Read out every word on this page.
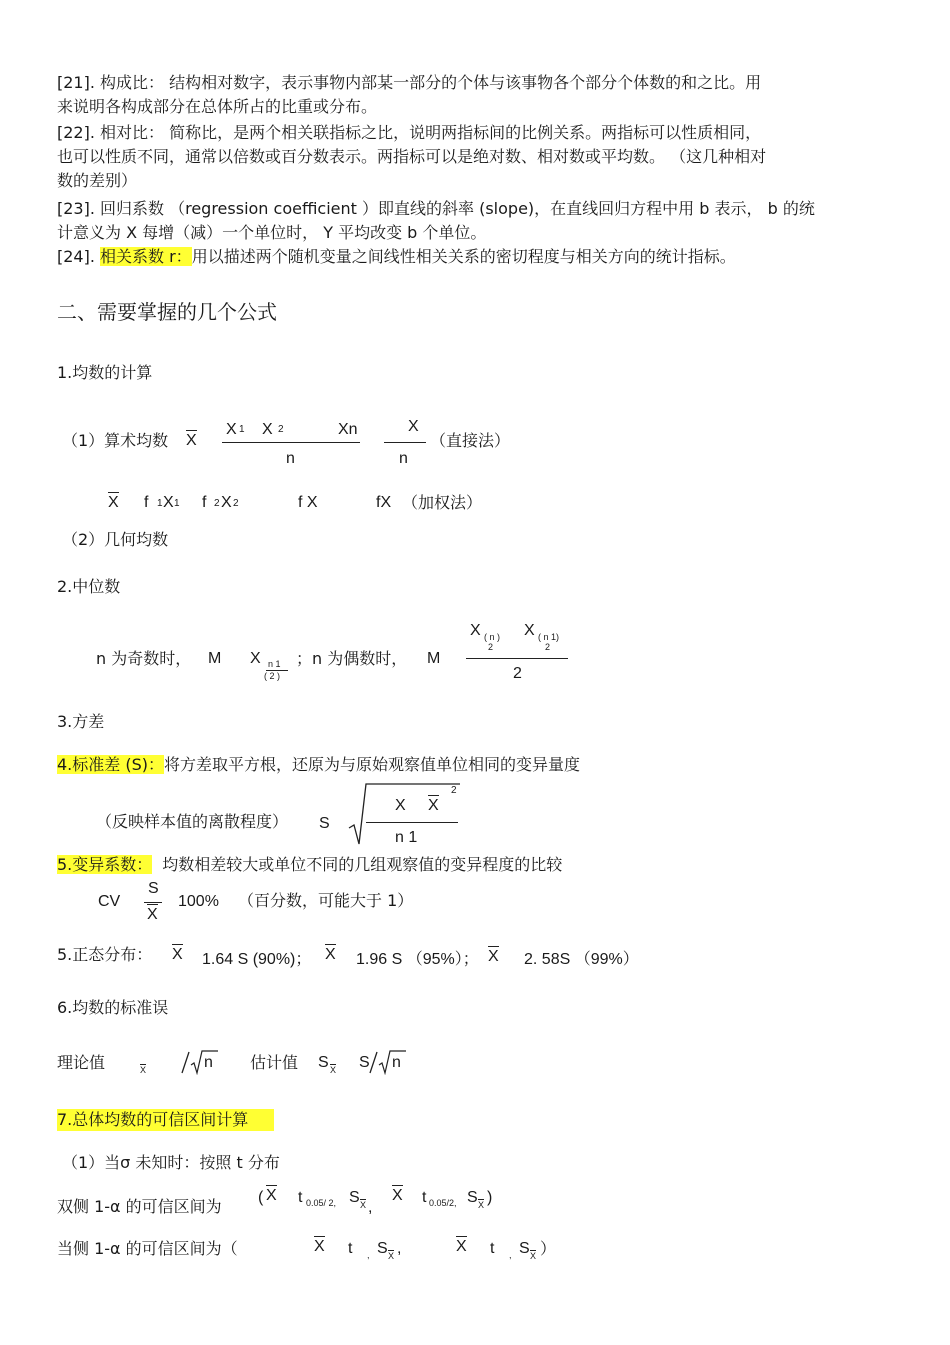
[21]. 构成比： 结构相对数字，表示事物内部某一部分的个体与该事物各个部分个体数的和之比。用
来说明各构成部分在总体所占的比重或分布。
[22]. 相对比： 简称比，是两个相关联指标之比，说明两指标间的比例关系。两指标可以性质相同，
也可以性质不同，通常以倍数或百分数表示。两指标可以是绝对数、相对数或平均数。 （这几种相对
数的差别）
[23]. 回归系数 （regression coefficient ）即直线的斜率 (slope)，在直线回归方程中用 b 表示， b 的统
计意义为 X 每增（减）一个单位时， Y 平均改变 b 个单位。
[24]. 相关系数 r：用以描述两个随机变量之间线性相关关系的密切程度与相关方向的统计指标。
二、需要掌握的几个公式
1.均数的计算
（1）算术均数 X
X 1 X 2	Xn
n
X
n
（直接法）
X f 1 X 1 f 2 X 2	f X	fX （加权法）
（2）几何均数
2.中位数
n 为奇数时， M X n 1
( 2 )
；n 为偶数时， M
X ( n )
2
X ( n 1)
2
2
3.方差
4.标准差 (S)：将方差取平方根，还原为与原始观察值单位相同的变异量度
（反映样本值的离散程度） S
X X
2
n 1
5.变异系数： 均数相差较大或单位不同的几组观察值的变异程度的比较
CV
S
X
100% （百分数，可能大于 1）
5.正态分布： X 1.64 S (90%)； X 1.96 S （95%）； X 2. 58S （99%）
6.均数的标准误
理论值	X	n 估计值 S X S n
7.总体均数的可信区间计算
（1）当σ 未知时：按照 t 分布
双侧 1-α 的可信区间为 ( X t 0.05/ 2, S X ,
X t 0.05/2, S X )
当侧 1-α 的可信区间为（	X t , S X ,	X t , S X ）
